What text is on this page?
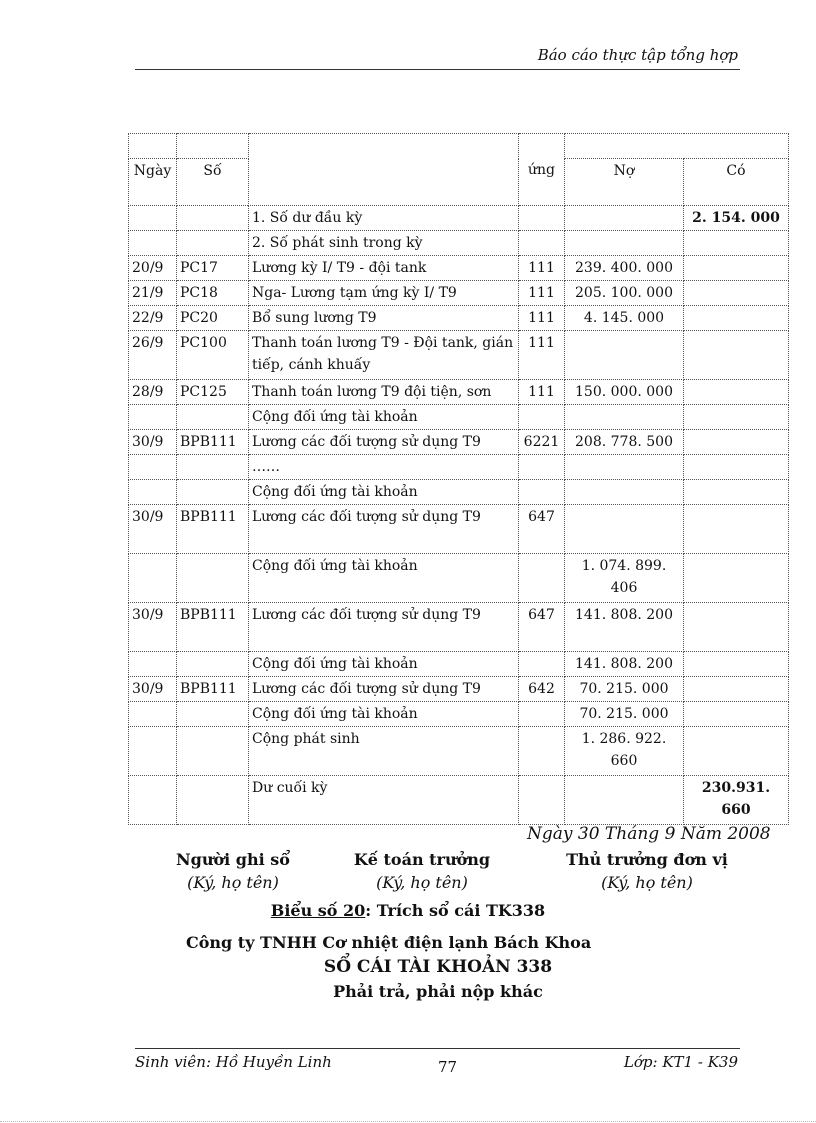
Báo cáo thực tập tổng hợp
			ứng		
Ngày	Số			Nợ	Có
		1. Số dư đầu kỳ			2. 154. 000
		2. Số phát sinh trong kỳ			
20/9	PC17	Lương kỳ I/ T9 - đội tank	111	239. 400. 000	
21/9	PC18	Nga- Lương tạm ứng kỳ I/ T9	111	205. 100. 000	
22/9	PC20	Bổ sung lương T9	111	4. 145. 000	
26/9	PC100	Thanh toán lương T9 - Đội tank, gián tiếp, cánh khuấy	111		
28/9	PC125	Thanh toán lương T9 đội tiện, sơn	111	150. 000. 000	
		Cộng đối ứng tài khoản			
30/9	BPB111	Lương các đối tượng sử dụng T9	6221	208. 778. 500	
		……			
		Cộng đối ứng tài khoản			
30/9	BPB111	Lương các đối tượng sử dụng T9	647		
		Cộng đối ứng tài khoản		1. 074. 899. 406	
30/9	BPB111	Lương các đối tượng sử dụng T9	647	141. 808. 200	
		Cộng đối ứng tài khoản		141. 808. 200	
30/9	BPB111	Lương các đối tượng sử dụng T9	642	70. 215. 000	
		Cộng đối ứng tài khoản		70. 215. 000	
		Cộng phát sinh		1. 286. 922. 660	
		Dư cuối kỳ			230.931. 660
Ngày 30 Tháng 9 Năm 2008
Người ghi sổ
(Ký, họ tên)
Kế toán trưởng
(Ký, họ tên)
Thủ trưởng đơn vị
(Ký, họ tên)
Biểu số 20: Trích sổ cái TK338
Công ty TNHH Cơ nhiệt điện lạnh Bách Khoa
SỔ CÁI TÀI KHOẢN 338
Phải trả, phải nộp khác
Sinh viên: Hồ Huyền Linh	77	Lớp: KT1 - K39
